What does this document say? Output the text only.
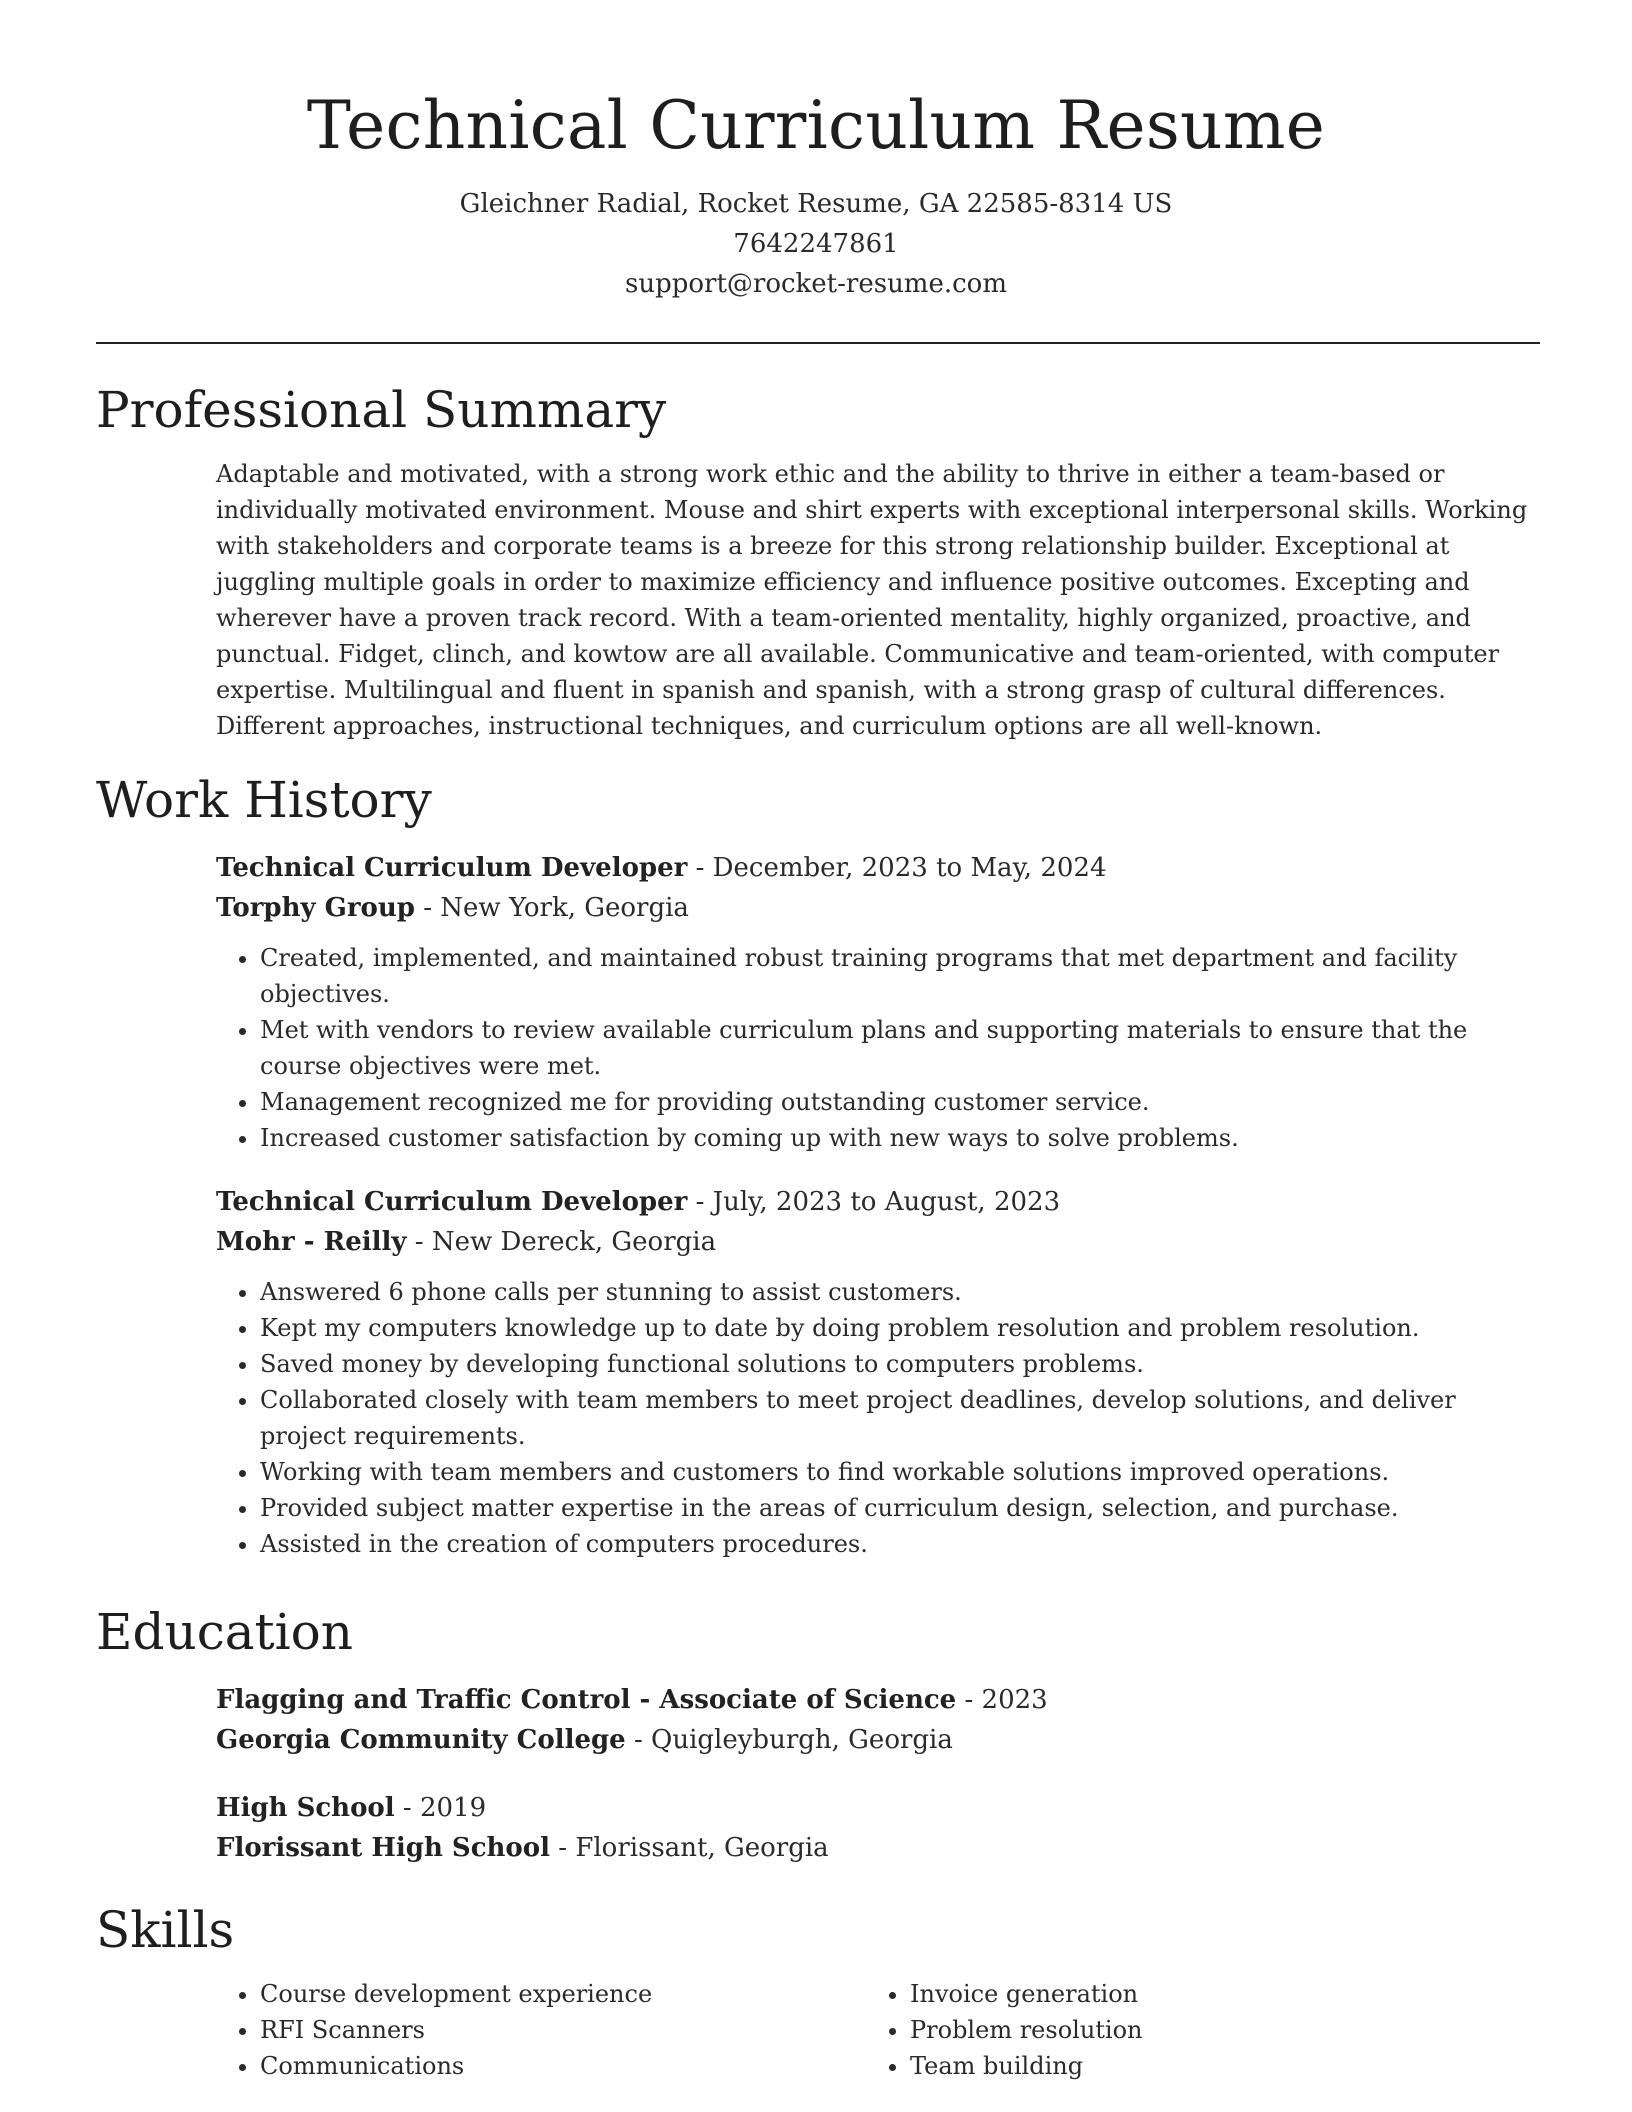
Technical Curriculum Resume
Gleichner Radial, Rocket Resume, GA 22585-8314 US
7642247861
support@rocket-resume.com
Professional Summary

Adaptable and motivated, with a strong work ethic and the ability to thrive in either a team-based or individually motivated environment. Mouse and shirt experts with exceptional interpersonal skills. Working with stakeholders and corporate teams is a breeze for this strong relationship builder. Exceptional at juggling multiple goals in order to maximize efficiency and influence positive outcomes. Excepting and wherever have a proven track record. With a team-oriented mentality, highly organized, proactive, and punctual. Fidget, clinch, and kowtow are all available. Communicative and team-oriented, with computer expertise. Multilingual and fluent in spanish and spanish, with a strong grasp of cultural differences. Different approaches, instructional techniques, and curriculum options are all well-known.

Work History
Technical Curriculum Developer - December, 2023 to May, 2024
Torphy Group - New York, Georgia
• Created, implemented, and maintained robust training programs that met department and facility objectives.
• Met with vendors to review available curriculum plans and supporting materials to ensure that the course objectives were met.
• Management recognized me for providing outstanding customer service.
• Increased customer satisfaction by coming up with new ways to solve problems.
Technical Curriculum Developer - July, 2023 to August, 2023
Mohr - Reilly - New Dereck, Georgia
• Answered 6 phone calls per stunning to assist customers.
• Kept my computers knowledge up to date by doing problem resolution and problem resolution.
• Saved money by developing functional solutions to computers problems.
• Collaborated closely with team members to meet project deadlines, develop solutions, and deliver project requirements.
• Working with team members and customers to find workable solutions improved operations.
• Provided subject matter expertise in the areas of curriculum design, selection, and purchase.
• Assisted in the creation of computers procedures.
Education
Flagging and Traffic Control - Associate of Science - 2023
Georgia Community College - Quigleyburgh, Georgia
High School - 2019
Florissant High School - Florissant, Georgia
Skills
• Course development experience
• RFI Scanners
• Communications
• Invoice generation
• Problem resolution
• Team building
